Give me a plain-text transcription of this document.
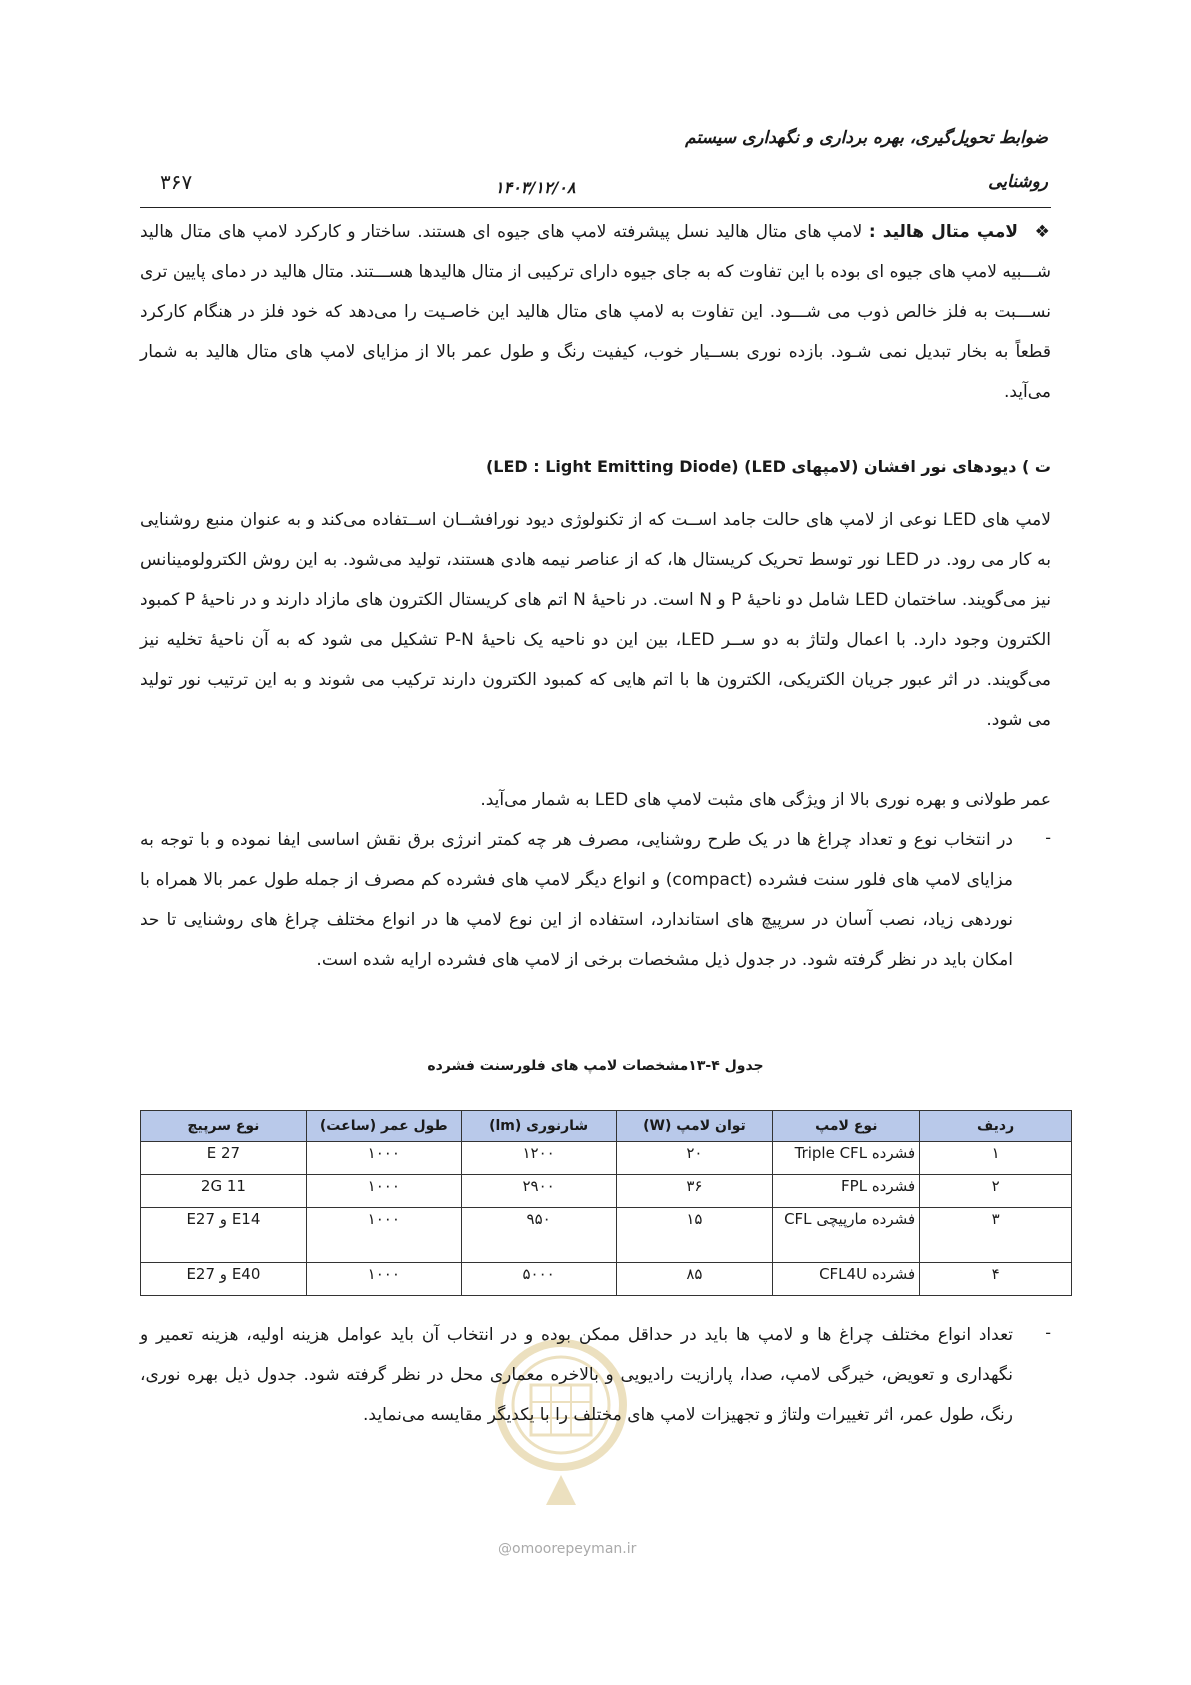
ضوابط تحویل‌گیری، بهره برداری و نگهداری سیستم
روشنایی
۱۴۰۳/۱۲/۰۸
۳۶۷
❖ لامپ متال هالید : لامپ های متال هالید نسل پیشرفته لامپ های جیوه ای هستند. ساختار و کارکرد لامپ های متال هالید شـــبیه لامپ های جیوه ای بوده با این تفاوت که به جای جیوه دارای ترکیبی از متال هالیدها هســـتند. متال هالید در دمای پایین تری نســـبت به فلز خالص ذوب می شـــود. این تفاوت به لامپ های متال هالید این خاصـیت را می‌دهد که خود فلز در هنگام کارکرد قطعاً به بخار تبدیل نمی شـود. بازده نوری بســیار خوب، کیفیت رنگ و طول عمر بالا از مزایای لامپ های متال هالید به شمار می‌آید.
ت ) دیودهای نور افشان (لامپهای LED) (LED : Light Emitting Diode)
لامپ های LED نوعی از لامپ های حالت جامد اســت که از تکنولوژی دیود نورافشــان اســتفاده می‌کند و به عنوان منبع روشنایی به کار می رود. در LED نور توسط تحریک کریستال ها، که از عناصر نیمه هادی هستند، تولید می‌شود. به این روش الکترولومینانس نیز می‌گویند. ساختمان LED شامل دو ناحیۀ P و N است. در ناحیۀ N اتم های کریستال الکترون های مازاد دارند و در ناحیۀ P کمبود الکترون وجود دارد. با اعمال ولتاژ به دو ســر LED، بین این دو ناحیه یک ناحیۀ P-N تشکیل می شود که به آن ناحیۀ تخلیه نیز می‌گویند. در اثر عبور جریان الکتریکی، الکترون ها با اتم هایی که کمبود الکترون دارند ترکیب می شوند و به این ترتیب نور تولید می شود.
عمر طولانی و بهره نوری بالا از ویژگی های مثبت لامپ های LED به شمار می‌آید.
-
در انتخاب نوع و تعداد چراغ ها در یک طرح روشنایی، مصرف هر چه کمتر انرژی برق نقش اساسی ایفا نموده و با توجه به مزایای لامپ های فلور سنت فشرده (compact) و انواع دیگر لامپ های فشرده کم مصرف از جمله طول عمر بالا همراه با نوردهی زیاد، نصب آسان در سرپیچ های استاندارد، استفاده از این نوع لامپ ها در انواع مختلف چراغ های روشنایی تا حد امکان باید در نظر گرفته شود. در جدول ذیل مشخصات برخی از لامپ های فشرده ارایه شده است.
جدول ۴-۱۳مشخصات لامپ های فلورسنت فشرده
ردیف	نوع لامپ	توان لامپ (W)	شارنوری (lm)	طول عمر (ساعت)	نوع سرپیچ
۱	فشرده Triple CFL	۲۰	۱۲۰۰	۱۰۰۰	E 27
۲	فشرده FPL	۳۶	۲۹۰۰	۱۰۰۰	2G 11
۳	فشرده مارپیچی CFL	۱۵	۹۵۰	۱۰۰۰	E14 و E27
۴	فشرده CFL4U	۸۵	۵۰۰۰	۱۰۰۰	E40 و E27
@omoorepeyman.ir
-
تعداد انواع مختلف چراغ ها و لامپ ها باید در حداقل ممکن بوده و در انتخاب آن باید عوامل هزینه اولیه، هزینه تعمیر و نگهداری و تعویض، خیرگی لامپ، صدا، پارازیت رادیویی و بالاخره معماری محل در نظر گرفته شود. جدول ذیل بهره نوری، رنگ، طول عمر، اثر تغییرات ولتاژ و تجهیزات لامپ های مختلف را با یکدیگر مقایسه می‌نماید.
